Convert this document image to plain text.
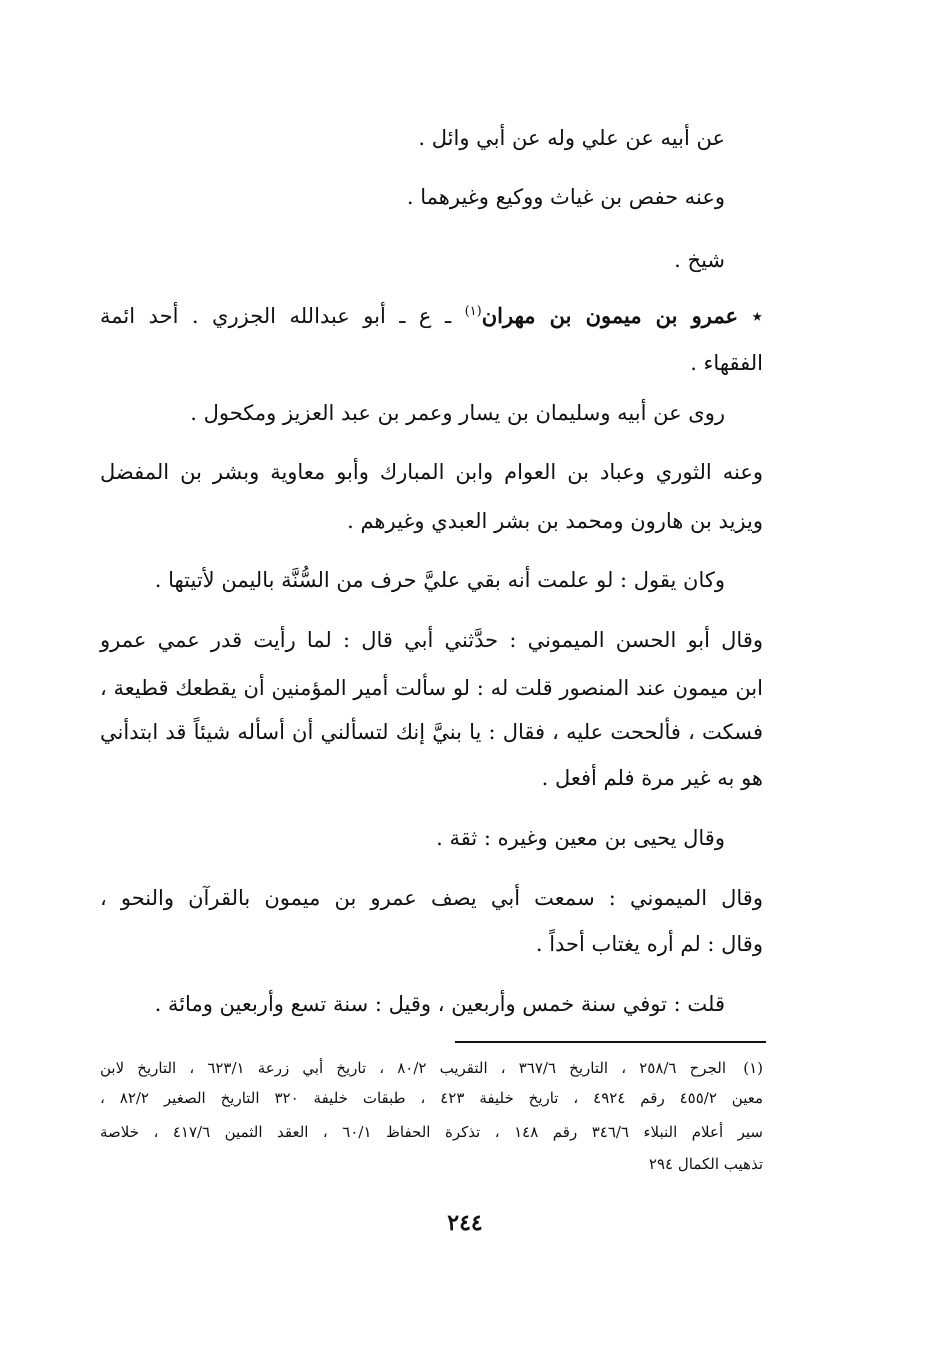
عن أبيه عن علي وله عن أبي وائل .
وعنه حفص بن غياث ووكيع وغيرهما .
شيخ .
٭ عمرو بن ميمون بن مهران$^{(١)}$ ـ ع ـ أبو عبدالله الجزري . أحد ائمة
الفقهاء .
روى عن أبيه وسليمان بن يسار وعمر بن عبد العزيز ومكحول .
وعنه الثوري وعباد بن العوام وابن المبارك وأبو معاوية وبشر بن المفضل
ويزيد بن هارون ومحمد بن بشر العبدي وغيرهم .
وكان يقول : لو علمت أنه بقي عليَّ حرف من السُّنَّة باليمن لأتيتها .
وقال أبو الحسن الميموني : حدَّثني أبي قال : لما رأيت قدر عمي عمرو
ابن ميمون عند المنصور قلت له : لو سألت أمير المؤمنين أن يقطعك قطيعة ،
فسكت ، فألححت عليه ، فقال : يا بنيَّ إنك لتسألني أن أسأله شيئاً قد ابتدأني
هو به غير مرة فلم أفعل .
وقال يحيى بن معين وغيره : ثقة .
وقال الميموني : سمعت أبي يصف عمرو بن ميمون بالقرآن والنحو ،
وقال : لم أره يغتاب أحداً .
قلت : توفي سنة خمس وأربعين ، وقيل : سنة تسع وأربعين ومائة .
(١)
الجرح ٢٥٨/٦ ، التاريخ ٣٦٧/٦ ، التقريب ٨٠/٢ ، تاريخ أبي زرعة ٦٢٣/١ ، التاريخ لابن
معين ٤٥٥/٢ رقم ٤٩٢٤ ، تاريخ خليفة ٤٢٣ ، طبقات خليفة ٣٢٠ التاريخ الصغير ٨٢/٢ ،
سير أعلام النبلاء ٣٤٦/٦ رقم ١٤٨ ، تذكرة الحفاظ ٦٠/١ ، العقد الثمين ٤١٧/٦ ، خلاصة
تذهيب الكمال ٢٩٤
٢٤٤
